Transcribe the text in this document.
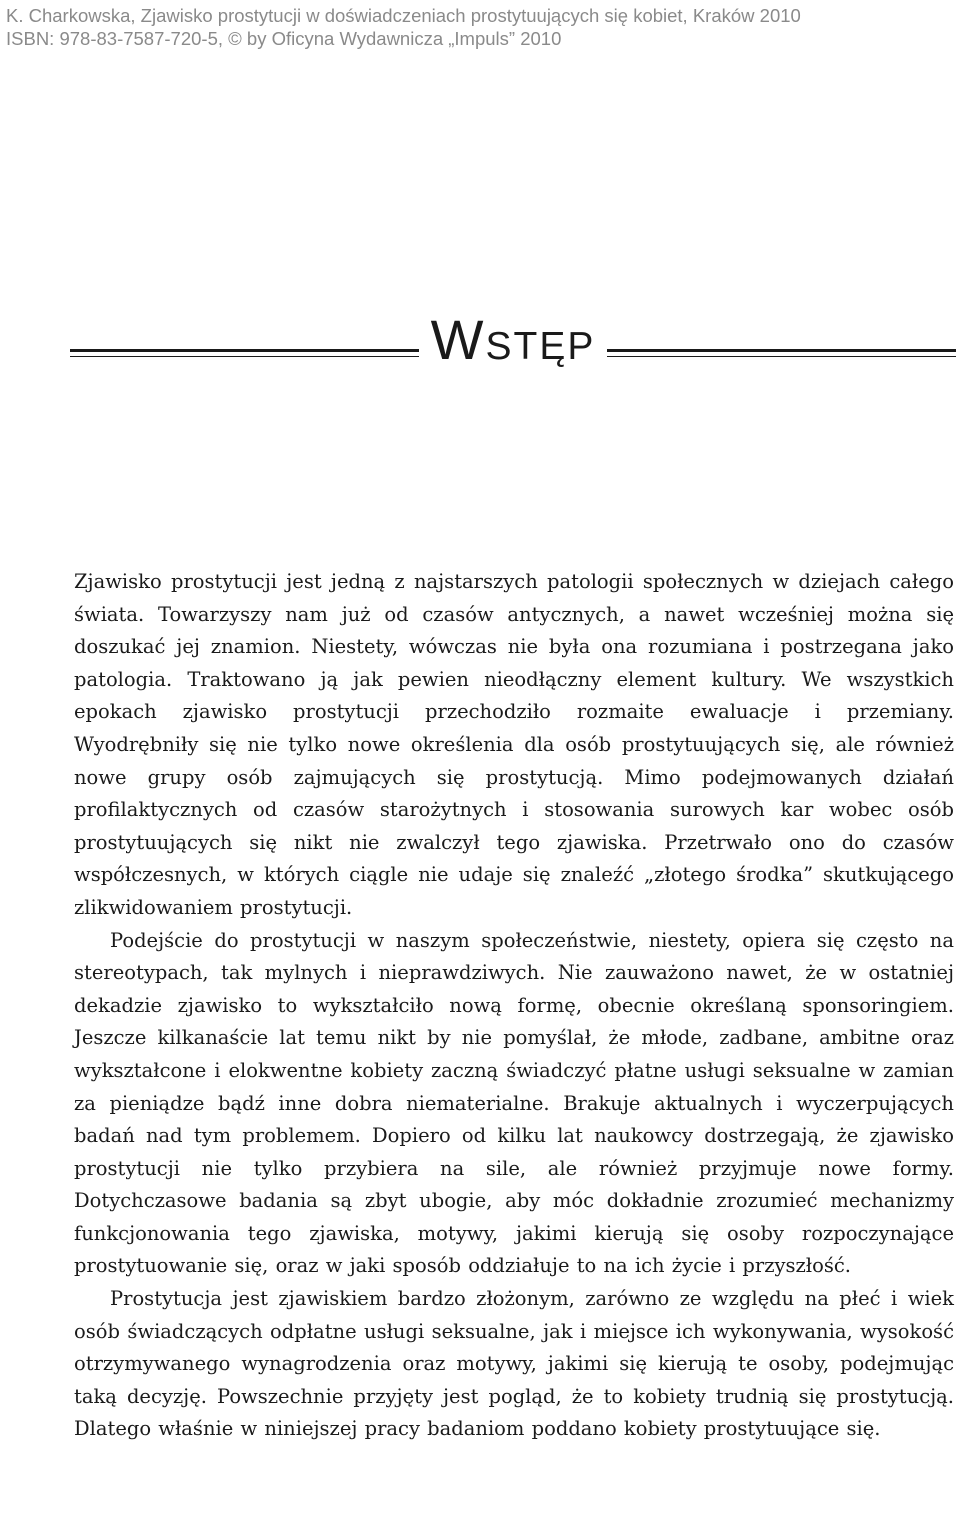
K. Charkowska, Zjawisko prostytucji w doświadczeniach prostytuujących się kobiet, Kraków 2010
ISBN: 978-83-7587-720-5, © by Oficyna Wydawnicza „Impuls” 2010
Wstęp

Zjawisko prostytucji jest jedną z najstarszych patologii społecznych w dziejach całego świata. Towarzyszy nam już od czasów antycznych, a nawet wcześniej można się doszukać jej znamion. Niestety, wówczas nie była ona rozumiana i postrzegana jako patologia. Traktowano ją jak pewien nieodłączny element kultury. We wszystkich epokach zjawisko prostytucji przechodziło rozmaite ewaluacje i przemiany. Wyodrębniły się nie tylko nowe określenia dla osób prostytuujących się, ale również nowe grupy osób zajmujących się prostytucją. Mimo podejmowanych działań profilaktycznych od czasów starożytnych i stosowania surowych kar wobec osób prostytuujących się nikt nie zwalczył tego zjawiska. Przetrwało ono do czasów współczesnych, w których ciągle nie udaje się znaleźć „złotego środka” skutkującego zlikwidowaniem prostytucji.

Podejście do prostytucji w naszym społeczeństwie, niestety, opiera się często na stereotypach, tak mylnych i nieprawdziwych. Nie zauważono nawet, że w ostatniej dekadzie zjawisko to wykształciło nową formę, obecnie określaną sponsoringiem. Jeszcze kilkanaście lat temu nikt by nie pomyślał, że młode, zadbane, ambitne oraz wykształcone i elokwentne kobiety zaczną świadczyć płatne usługi seksualne w zamian za pieniądze bądź inne dobra niematerialne. Brakuje aktualnych i wyczerpujących badań nad tym problemem. Dopiero od kilku lat naukowcy dostrzegają, że zjawisko prostytucji nie tylko przybiera na sile, ale również przyjmuje nowe formy. Dotychczasowe badania są zbyt ubogie, aby móc dokładnie zrozumieć mechanizmy funkcjonowania tego zjawiska, motywy, jakimi kierują się osoby rozpoczynające prostytuowanie się, oraz w jaki sposób oddziałuje to na ich życie i przyszłość.

Prostytucja jest zjawiskiem bardzo złożonym, zarówno ze względu na płeć i wiek osób świadczących odpłatne usługi seksualne, jak i miejsce ich wykonywania, wysokość otrzymywanego wynagrodzenia oraz motywy, jakimi się kierują te osoby, podejmując taką decyzję. Powszechnie przyjęty jest pogląd, że to kobiety trudnią się prostytucją. Dlatego właśnie w niniejszej pracy badaniom poddano kobiety prostytuujące się.
